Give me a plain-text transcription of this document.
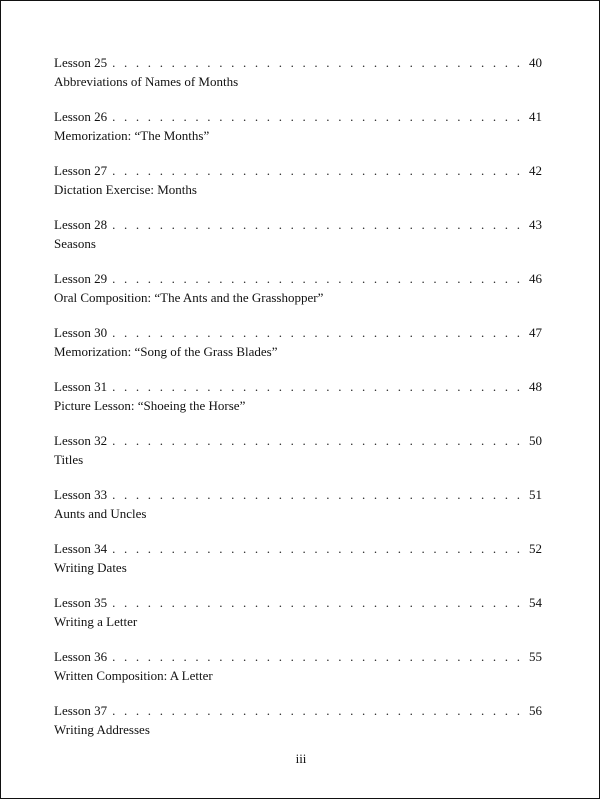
Lesson 25 . . .	40
Abbreviations of Names of Months
Lesson 26 . . .	41
Memorization: “The Months”
Lesson 27 . . .	42
Dictation Exercise: Months
Lesson 28 . . .	43
Seasons
Lesson 29 . . .	46
Oral Composition: “The Ants and the Grasshopper”
Lesson 30 . . .	47
Memorization: “Song of the Grass Blades”
Lesson 31 . . .	48
Picture Lesson: “Shoeing the Horse”
Lesson 32 . . .	50
Titles
Lesson 33 . . .	51
Aunts and Uncles
Lesson 34 . . .	52
Writing Dates
Lesson 35 . . .	54
Writing a Letter
Lesson 36 . . .	55
Written Composition: A Letter
Lesson 37 . . .	56
Writing Addresses
iii
